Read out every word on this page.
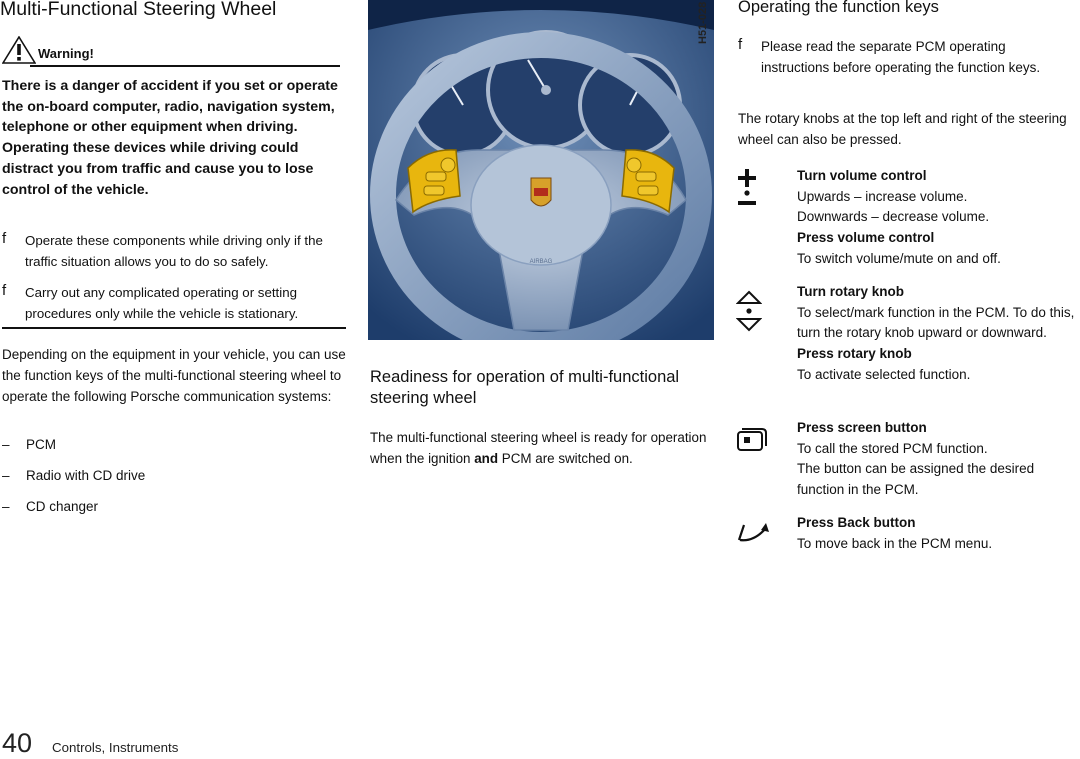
Multi-Functional Steering Wheel
Warning!
There is a danger of accident if you set or operate the on-board computer, radio, navigation system, telephone or other equipment when driving.
Operating these devices while driving could distract you from traffic and cause you to lose control of the vehicle.
f Operate these components while driving only if the traffic situation allows you to do so safely.
f Carry out any complicated operating or setting procedures only while the vehicle is stationary.
Depending on the equipment in your vehicle, you can use the function keys of the multi-functional steering wheel to operate the following Porsche communication systems:
– PCM
– Radio with CD drive
– CD changer
AIRBAG
H51-028
Readiness for operation of multi-functional steering wheel
The multi-functional steering wheel is ready for operation when the ignition and PCM are switched on.
Operating the function keys
f Please read the separate PCM operating instructions before operating the function keys.
The rotary knobs at the top left and right of the steering wheel can also be pressed.
Turn volume control
Upwards – increase volume.
Downwards – decrease volume.
Press volume control
To switch volume/mute on and off.
Turn rotary knob
To select/mark function in the PCM. To do this, turn the rotary knob upward or downward.
Press rotary knob
To activate selected function.
Press screen button
To call the stored PCM function.
The button can be assigned the desired function in the PCM.
Press Back button
To move back in the PCM menu.
40 Controls, Instruments
